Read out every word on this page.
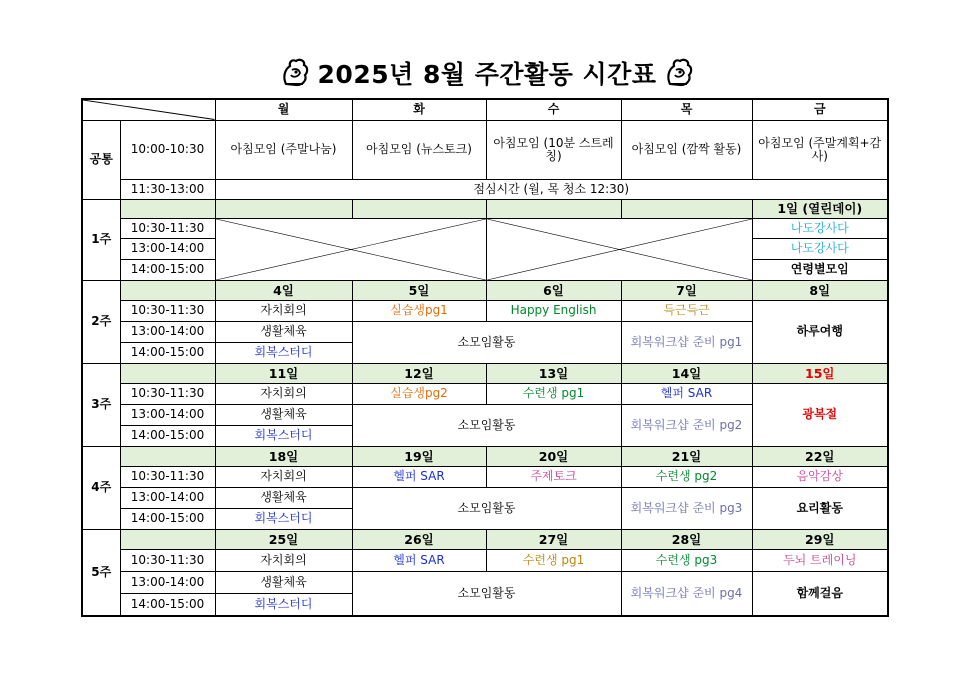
2025년 8월 주간활동 시간표
	월	화	수	목	금
공통	10:00-10:30	아침모임 (주말나눔)	아침모임 (뉴스토크)	아침모임 (10분 스트레칭)	아침모임 (깜짝 활동)	아침모임 (주말계획+감사)
	11:30-13:00	점심시간 (월, 목 청소 12:30)				
1주						1일 (열린데이)
	10:30-11:30					나도강사다
	13:00-14:00					나도강사다
	14:00-15:00					연령별모임
2주		4일	5일	6일	7일	8일
	10:30-11:30	자치회의	실습생pg1	Happy English	득근득근	하루여행
	13:00-14:00	생활체육	소모임활동		회복워크샵 준비 pg1	
	14:00-15:00	회복스터디				
3주		11일	12일	13일	14일	15일
	10:30-11:30	자치회의	실습생pg2	수련생 pg1	헬퍼 SAR	광복절
	13:00-14:00	생활체육	소모임활동		회복워크샵 준비 pg2	
	14:00-15:00	회복스터디				
4주		18일	19일	20일	21일	22일
	10:30-11:30	자치회의	헬퍼 SAR	주제토크	수련생 pg2	음악감상
	13:00-14:00	생활체육	소모임활동		회복워크샵 준비 pg3	요리활동
	14:00-15:00	회복스터디				
5주		25일	26일	27일	28일	29일
	10:30-11:30	자치회의	헬퍼 SAR	수련생 pg1	수련생 pg3	두뇌 트레이닝
	13:00-14:00	생활체육	소모임활동		회복워크샵 준비 pg4	함께걸음
	14:00-15:00	회복스터디				
